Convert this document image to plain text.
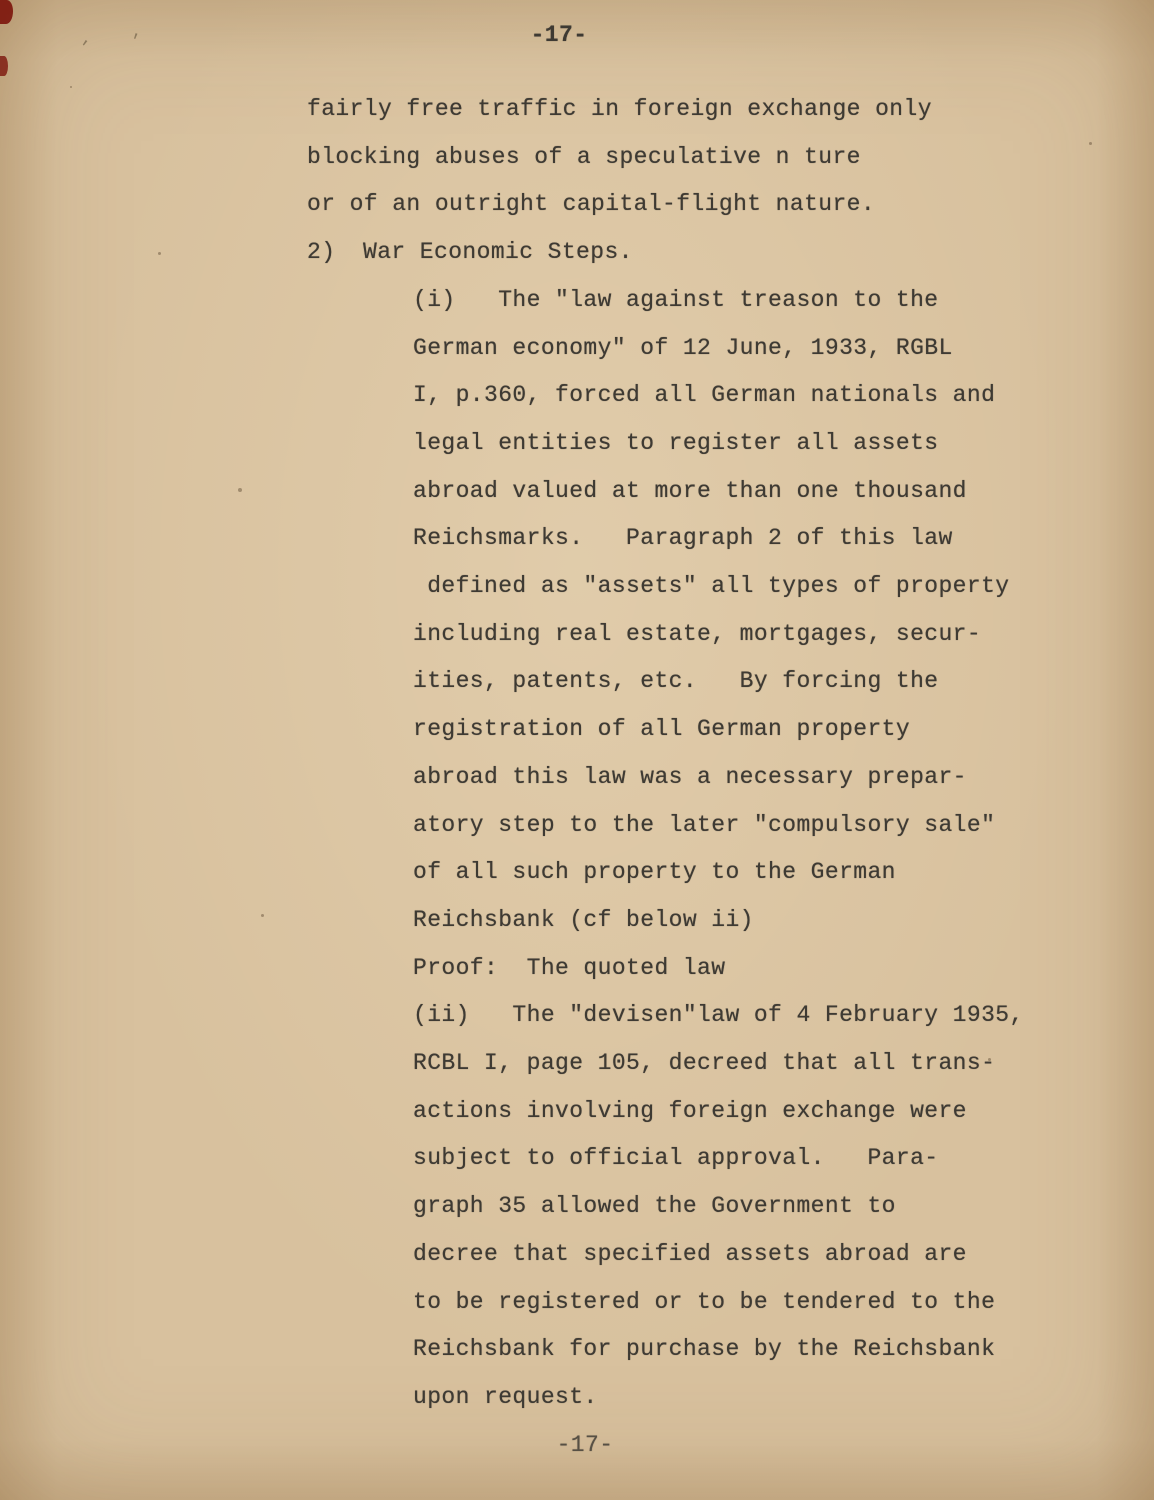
' '	-17-
fairly free traffic in foreign exchange only
blocking abuses of a speculative n ture
or of an outright capital-flight nature.
2) War Economic Steps.
(i)   The "law against treason to the
German economy" of 12 June, 1933, RGBL
I, p.360, forced all German nationals and
legal entities to register all assets
abroad valued at more than one thousand
Reichsmarks.   Paragraph 2 of this law
defined as "assets" all types of property
including real estate, mortgages, secur-
ities, patents, etc.   By forcing the
registration of all German property
abroad this law was a necessary prepar-
atory step to the later "compulsory sale"
of all such property to the German
Reichsbank (cf below ii)
Proof:  The quoted law
(ii)   The "devisen"law of 4 February 1935,
RCBL I, page 105, decreed that all trans-
actions involving foreign exchange were
subject to official approval.   Para-
graph 35 allowed the Government to
decree that specified assets abroad are
to be registered or to be tendered to the
Reichsbank for purchase by the Reichsbank
upon request.
-17-
